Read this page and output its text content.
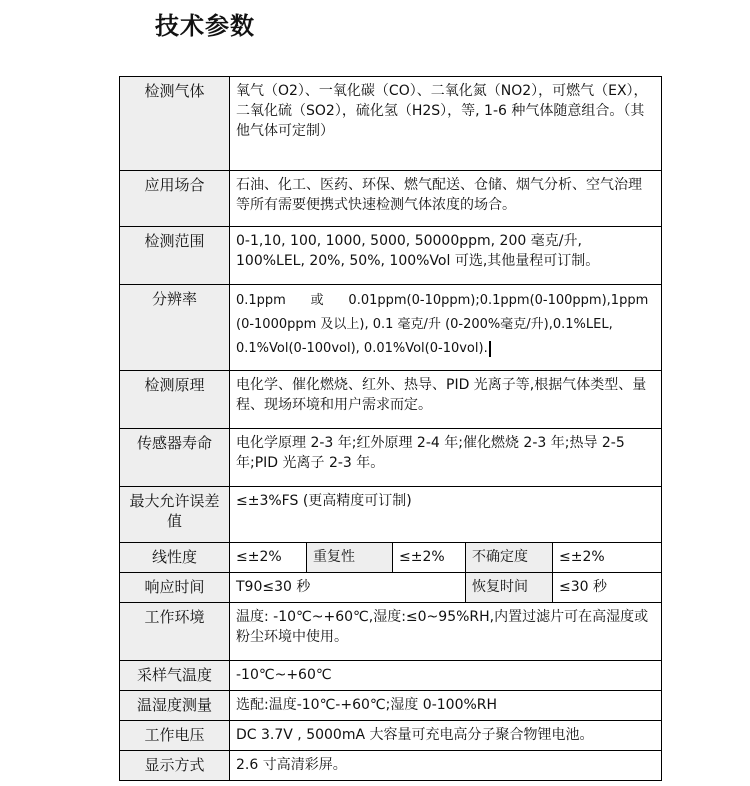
技术参数
检测气体	氧气（O2）、一氧化碳（CO）、二氧化氮（NO2），可燃气（EX），二氧化硫（SO2），硫化氢（H2S），等, 1-6 种气体随意组合。（其他气体可定制）				
应用场合	石油、化工、医药、环保、燃气配送、仓储、烟气分析、空气治理等所有需要便携式快速检测气体浓度的场合。				
检测范围	0-1,10, 100, 1000, 5000, 50000ppm, 200 毫克/升, 100%LEL, 20%, 50%, 100%Vol 可选,其他量程可订制。				
分辨率	0.1ppm      或      0.01ppm(0-10ppm);0.1ppm(0-100ppm),1ppm
(0-1000ppm 及以上), 0.1 毫克/升 (0-200%毫克/升),0.1%LEL,
0.1%Vol(0-100vol), 0.01%Vol(0-10vol).				

检测原理	电化学、催化燃烧、红外、热导、PID 光离子等,根据气体类型、量程、现场环境和用户需求而定。				
传感器寿命	电化学原理 2-3 年;红外原理 2-4 年;催化燃烧 2-3 年;热导 2-5 年;PID 光离子 2-3 年。				
最大允许误差值	≤±3%FS (更高精度可订制)				
线性度	≤±2%	重复性	≤±2%	不确定度	≤±2%
响应时间	T90≤30 秒			恢复时间	≤30 秒
工作环境	温度: -10℃~+60℃,湿度:≤0~95%RH,内置过滤片可在高湿度或粉尘环境中使用。				
采样气温度	-10℃~+60℃				
温湿度测量	选配:温度-10℃-+60℃;湿度 0-100%RH				
工作电压	DC 3.7V , 5000mA 大容量可充电高分子聚合物锂电池。				
显示方式	2.6 寸高清彩屏。				
